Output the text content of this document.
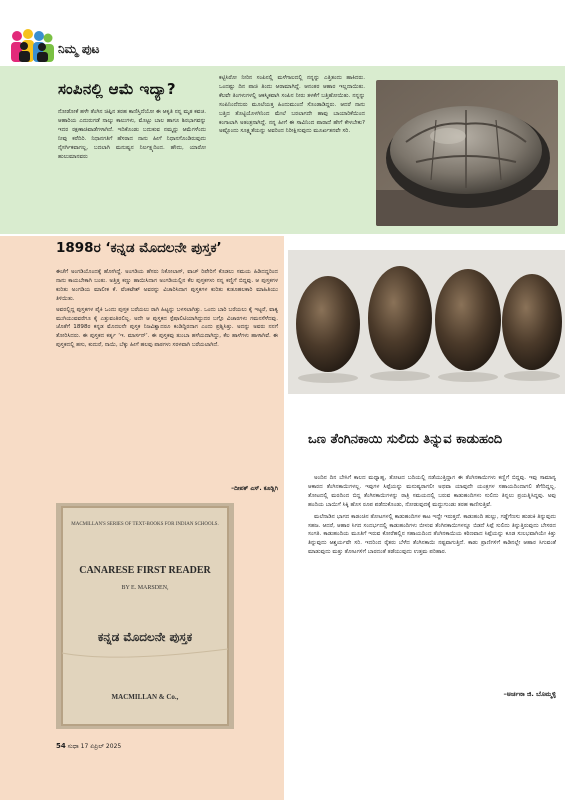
ನಿಮ್ಮ ಪುಟ
ಸಂಪಿನಲ್ಲಿ ಆಮೆ ಇದ್ಯಾ?
ನೋಡೋಕೆ ಹಳೇ ತೆಂಗಿನ ಚಿಪ್ಪಿನ ತರಹ ಕಾಣಿಸ್ತಿದೆಯೋ ಈ ಆಕೃತಿ ನನ್ನ ಮೃತ ಕವಚ. ಆಹಾರಿಯ ಎದುರುಗಡೆ ನಾಲ್ಕು ಕಾಲುಗಳು, ಮೊಟ್ಟು ಬಾಲ ಹಾಗೂ ಶಿರಭಾಗವನ್ನು ಇದರ ರಕ್ಷಣಾಚಿವಾಡೆಗಳಾಗಿದೆ. ಇದಿಕೊಂಡು ಬದುಕುವ ನಮ್ಮನ್ನು ಆಮೆಗಳೆಂದು ನೀವು ಕರೆದಿರಿ. ನಿಧಾನಗತಿಗೆ ಹೆಸರಾದ ನಾನು ಹೀಗೆ ನಿಧಾನಗೊಂಡಿರುವುದು ನೈಸರ್ಗಿಕವಾಗಲ್ಲ, ಬದಲಾಗಿ ಮನುಷ್ಯನ ನಿರ್ಲಕ್ಷ್ಯದಿಂದ. ಹೌದು, ಯಾರೋ ಹುಲುಮಾನವರು
ಕಟ್ಟಿಸಿರೋ ನೀರಿನ ಸಂಪಿನಲ್ಲಿ ಮಳೆಗಾಲದಲ್ಲಿ ನನ್ನನ್ನು ಎತ್ತಿತಂದು ಹಾಕಿದರು. ಒಂದಷ್ಟು ದಿನ ಪಾಚಿ ತಿಂದು ಆರಾಮಾಗಿದ್ದೆ. ಆನಂತರ ಆಹಾರ ಇಲ್ಲದಾಯಿತು. ಕೆಲವೇ ತಿಂಗಳುಗಳಲ್ಲಿ ಆಕಸ್ಮಿಕವಾಗಿ ಸಂಪಿನ ನೀರು ತಳಕೆಗೆ ಬತ್ತಿಹೋಯಿತು. ನನ್ನನ್ನು ಸಂಪಿನಿಂದೆದುರು ಮೂಲೆಯತ್ತ ಹಿಂದುಮುಂದೆ ಸೊಂಡಾಡಿದ್ದರು. ಆದರೆ ನಾನು ಬತ್ತಿದ ತೊಟ್ಟಿಯೊಳಗಿನಿಂದ ಮೇಲೆ ಬರಲಾಗದೇ ಹಾವು ಬಾಯಾರಿಕೆಯಿಂದ ಕಂಗಾಲಾಗಿ ಅತಂತ್ರನಾಗಿದ್ದೆ. ನನ್ನ ಹೀಗೆ ಈ ಸಾವಿನಿಂದ ಪಾರಾದೆ ಹೇಗೆ ಕೇಳಬೇಕು? ಅಷ್ಟೊಂದು ಸೂಕ್ಷ್ಮತೆಯನ್ನು ಅವರಿಂದ ನಿರೀಕ್ಷಿಸುವುದು ಮೂರ್ಖತನವೇ ಸರಿ.
1898ರ ‘ಕನ್ನಡ ಮೊದಲನೇ ಪುಸ್ತಕ’

ಈಚೆಗೆ ಅಂಗಡಿಯೊಂದಕ್ಕೆ ಹೋಗಿದ್ದೆ. ಅಂಗಡಿಯ ಹೆಸರು ನಿಕೋಲಾಸ್, ವಾಚ್ ರಿಪೇರಿಗೆ ಕೊಡಲು ಸಮಯ ಹಿಡಿದದ್ದರಿಂದ ನಾನು ಕಾಯಬೇಕಾಗಿ ಬಂತು. ಅತ್ತಿತ್ತ ಕಣ್ಣು ಹಾಯಿಸಿದಾಗ ಅಂಗಡಿಯಲ್ಲಿನ ಕೆಲ ಪುಸ್ತಕಗಳು ನನ್ನ ಕಣ್ಣಿಗೆ ಬಿದ್ದವು. ಆ ಪುಸ್ತಕಗಳ ಕುರಿತು ಅಂಗಡಿಯ ಮಾಲೀಕ ಕೆ. ವೆಂಕಟೇಶ್ ಅವರನ್ನು ವಿಚಾರಿಸಿದಾಗ ಪುಸ್ತಕಗಳ ಕುರಿತು ಕುತೂಹಲಕಾರಿ ಮಾಹಿತಿಯು ತಿಳಿಯಿತು.

ಅವರಲ್ಲಿದ್ದ ಪುಸ್ತಕಗಳ ಪೈಕಿ ಒಂದು ಪುಸ್ತಕ ಬರೆಯಲು ರಾಗಿ ಹಿಟ್ಟನ್ನು ಬಳಸಲಾಗಿತ್ತು. ಒಂದು ಬಾರಿ ಬರೆಯಲು ಕೈ ಇಟ್ಟರೆ, ವಾಕ್ಯ ಮುಗಿಯುವವರೆಗೂ ಕೈ ಎತ್ತುವಂತಿರಲಿಲ್ಲ. ಅದೇ ಆ ಪುಸ್ತಕದ ಸ್ಪೆಷಾಲಿಟಿಯಾಗಿದ್ದುದರ ಬಗ್ಗೊ ವಿಚಾರಗಳು ಗಮನಸೆಳೆದವು. ಜೊತೆಗೆ 1898ರ ಕನ್ನಡ ಮೊದಲನೇ ಪುಸ್ತಕ ನಿಜವಿಶ್ವಾದರೂ ಕಂಡಿದ್ದಿರದಾಗ ಎಂದು ಪ್ರಶ್ನಿಸಿತ್ತು. ಅದನ್ನು ಅವರು ನನಗೆ ತೋರಿಸಿದರು. ಈ ಪುಸ್ತಕದ ಕರ್ತೃ ‘ಇ. ಮಾರ್ಸನ್’. ಈ ಪುಸ್ತಕವು ತುಂಬಾ ಹಳೆಯದಾಗಿದ್ದು, ಕೆಲ ಹಾಳೆಗಳು ಹಾಳಾಗಿವೆ. ಈ ಪುಸ್ತಕದಲ್ಲಿ ಹಸು, ಕುದುರೆ, ನಾಯಿ, ಬೆಕ್ಕು ಹೀಗೆ ಹಲವು ಪಾಠಗಳು ಸರಳವಾಗಿ ಬರೆಯಲಾಗಿದೆ.

–ದೀಪಕ್ ಎಸ್. ಕೂಡ್ಲಿಗಿ
MACMILLAN'S SERIES OF TEXT-BOOKS FOR INDIAN SCHOOLS.
CANARESE FIRST READER
BY E. MARSDEN,
ಕನ್ನಡ ಮೊದಲನೇ ಪುಸ್ತಕ
MACMILLAN & Co.,
ಒಣ ತೆಂಗಿನಕಾಯಿ ಸುಲಿದು ತಿನ್ನುವ ಕಾಡುಹಂದಿ

ಅಂದಿನ ದಿನ ಬೇಸಿಗೆ ಕಾಲದ ಮಧ್ಯಾಹ್ನ, ತೋಟದ ಬದಿಯಲ್ಲಿ ನಡೆಯುತ್ತಿದ್ದಾಗ ಈ ತೆಂಗಿನಕಾಯಿಗಳು ಕಣ್ಣಿಗೆ ಬಿದ್ದವು. ಇವು ಸಾಮಾನ್ಯ ಆಕಾರದ ತೆಂಗಿನಕಾಯಿಗಳಲ್ಲ. ಇವುಗಳ ಸಿಪ್ಪೆಯನ್ನು ಮನುಷ್ಯರಾಗಲೀ ಅಥವಾ ಯಾವುದೇ ಯಂತ್ರಗಳ ಸಹಾಯದಿಂದಾಗಲಿ ತೆಗೆದಿದ್ದಲ್ಲ. ತೋಟದಲ್ಲಿ ಮರದಿಂದ ಬಿದ್ದ ತೆಂಗಿನಕಾಯಿಗಳನ್ನು ರಾತ್ರಿ ಸಮಯದಲ್ಲಿ ಬರುವ ಕಾಡುಹಂದಿಗಳು ಸುಲಿದು ತಿನ್ನಲು ಪ್ರಯತ್ನಿಸಿದ್ದವು. ಅವು ಹಂದಿಯ ಬಾಯಿಗೆ ಸಿಕ್ಕಿ ಹೊಸ ರೂಪ ಪಡೆದುಕೊಂಡು, ನೋಡುವುದಕ್ಕೆ ಮದ್ದುಗುಂಡು ತರಹ ಕಾಣಿಸುತ್ತಿವೆ.

ಮಲೆನಾಡಿನ ಭಾಗದ ಕಾಡಂಚಿನ ತೋಟಗಳಲ್ಲಿ ಕಾಡುಹಂದಿಗಳ ಕಾಟ ಇದ್ದೇ ಇರುತ್ತದೆ. ಕಾಡುಹಂದಿ ಹುಲ್ಲು, ಗಡ್ಡೆಗೆಣಸು ಹುಡುಕಿ ತಿನ್ನುವುದು ಸಹಜ. ಆದರೆ, ಆಹಾರ ಸಿಗದ ಸಂದರ್ಭದಲ್ಲಿ ಕಾಡುಹಂದಿಗಳು ಬೀಳುವ ತೆಂಗಿನಕಾಯಿಗಳನ್ನೂ ಬಿಡದೆ ಸಿಪ್ಪೆ ಸುಲಿದು ತಿನ್ನುತ್ತಿರುವುದು ಬೇಸರದ ಸಂಗತಿ. ಕಾಡುಹಂದಿಯ ಮೂತಿಗೆ ಇರುವ ಕೋರೆಹಲ್ಲಿನ ಸಹಾಯದಿಂದ ತೆಂಗಿನಕಾಯಿಯ ಕಠಿಣವಾದ ಸಿಪ್ಪೆಯನ್ನು ಕೂಡ ಸುಲಭವಾಗಿಯೇ ಕಿತ್ತು ತಿನ್ನುವುದು ಆಶ್ಚರ್ಯವೇ ಸರಿ. ಇದರಿಂದ ರೈತರು ಬೆಳೆದ ತೆಂಗಿನಕಾಯಿ ನಷ್ಟವಾಗುತ್ತಿದೆ. ಕಾಡು ಪ್ರಾಣಿಗಳಿಗೆ ಕಾಡಿನಲ್ಲೇ ಆಹಾರ ಸಿಗುವಂತೆ ಮಾಡುವುದು ಮತ್ತು ತೋಟಗಳಿಗೆ ಬಾರದಂತೆ ತಡೆಯುವುದು ಉತ್ತಮ ಪರಿಹಾರ.

–ಅರ್ಚನಾ ಜಿ. ಬೊಮ್ಮಳ್ಳಿ
54 ಸುಧಾ 17 ಏಪ್ರಿಲ್ 2025
